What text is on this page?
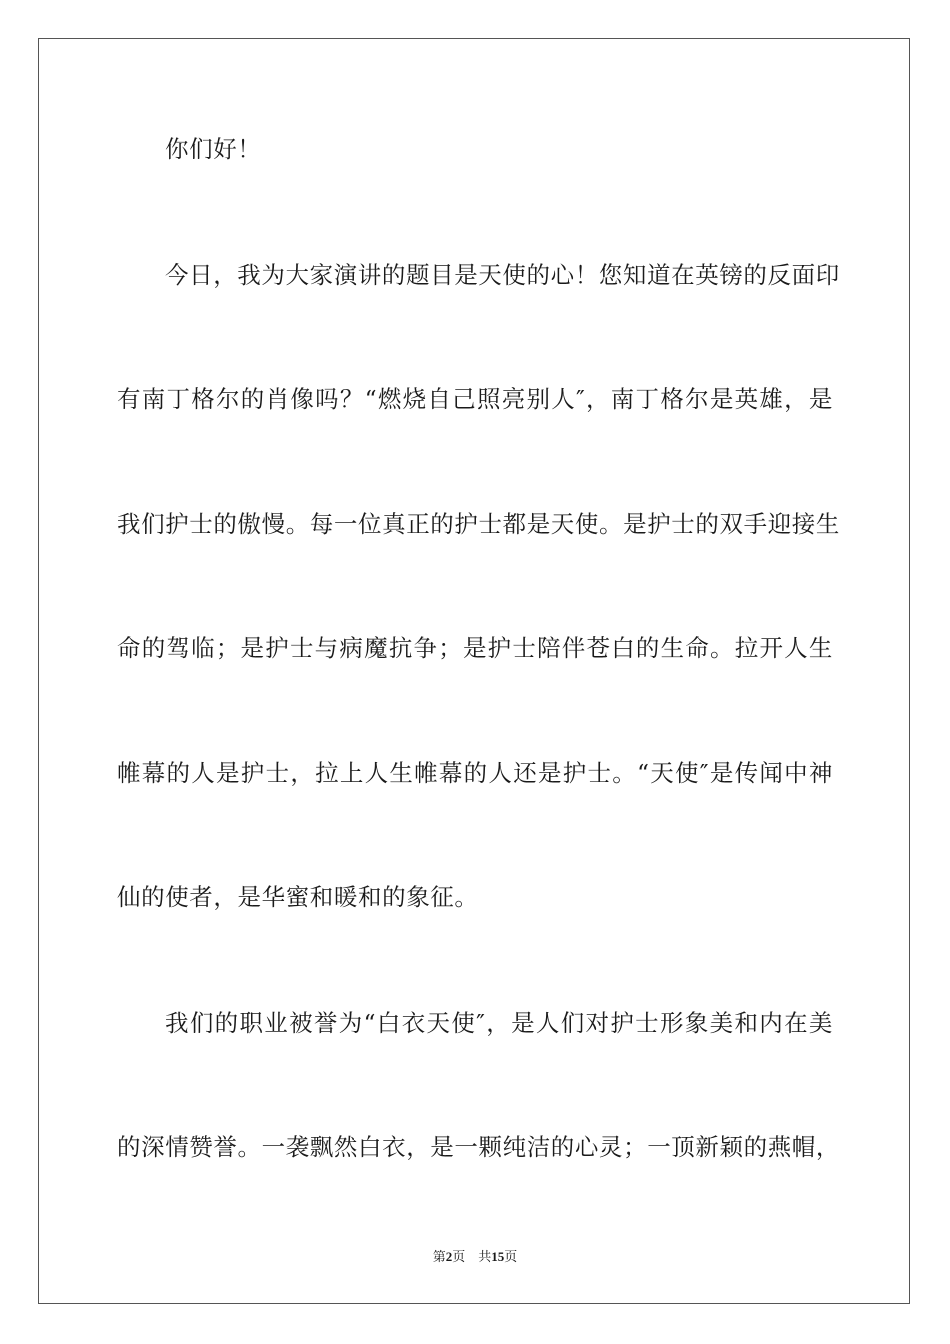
你们好！
今日，我为大家演讲的题目是天使的心！您知道在英镑的反面印
有南丁格尔的肖像吗？“燃烧自己照亮别人″，南丁格尔是英雄，是
我们护士的傲慢。每一位真正的护士都是天使。是护士的双手迎接生
命的驾临；是护士与病魔抗争；是护士陪伴苍白的生命。拉开人生
帷幕的人是护士，拉上人生帷幕的人还是护士。“天使″是传闻中神
仙的使者，是华蜜和暖和的象征。
我们的职业被誉为“白衣天使″，是人们对护士形象美和内在美
的深情赞誉。一袭飘然白衣，是一颗纯洁的心灵；一顶新颖的燕帽，
第2页 共15页
